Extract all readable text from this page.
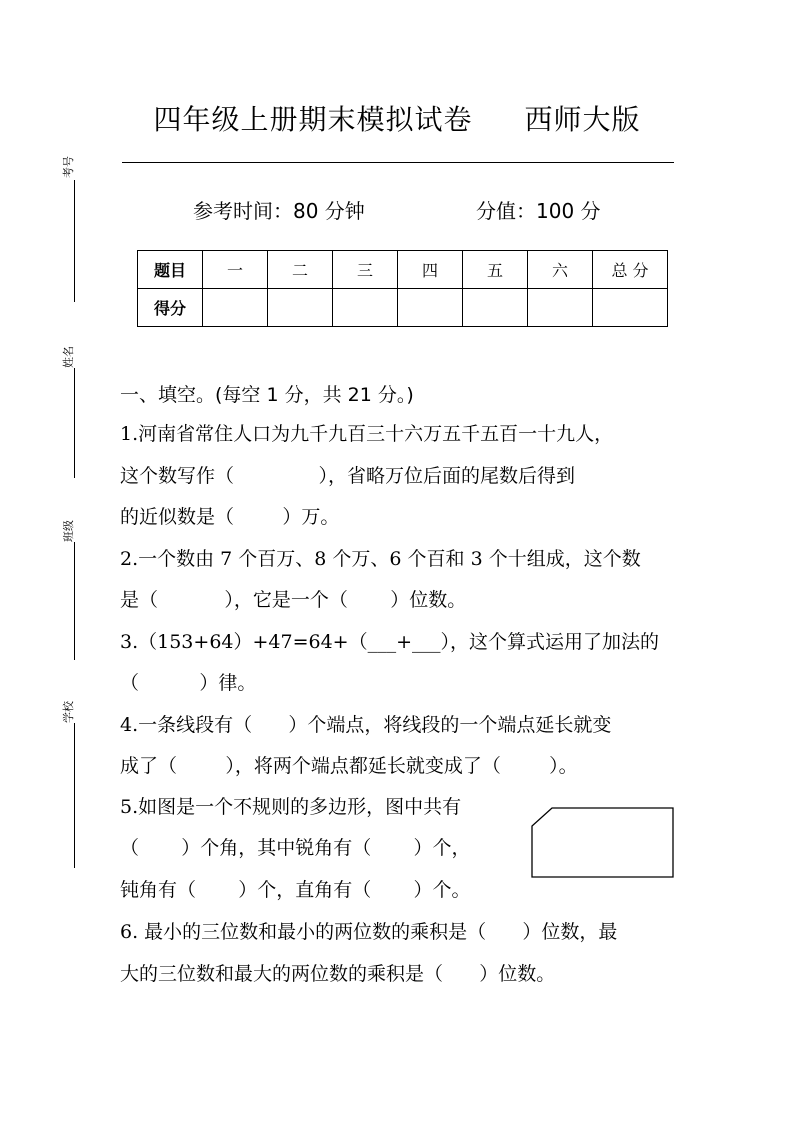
考号
姓名
班级
学校
四年级上册期末模拟试卷 西师大版
参考时间：80 分钟	分值：100 分
题目	一	二	三	四	五	六	总 分
得分							
一、填空。(每空 1 分，共 21 分。)
1.河南省常住人口为九千九百三十六万五千五百一十九人，
这个数写作（              ），省略万位后面的尾数后得到
的近似数是（        ）万。
2.一个数由 7 个百万、8 个万、6 个百和 3 个十组成，这个数
是（           ），它是一个（       ）位数。
3.（153+64）+47=64+（___+___），这个算式运用了加法的
（          ）律。
4.一条线段有（      ）个端点，将线段的一个端点延长就变
成了（        ），将两个端点都延长就变成了（        ）。
5.如图是一个不规则的多边形，图中共有
（       ）个角，其中锐角有（       ）个，
钝角有（       ）个，直角有（       ）个。
6. 最小的三位数和最小的两位数的乘积是（      ）位数，最
大的三位数和最大的两位数的乘积是（      ）位数。
